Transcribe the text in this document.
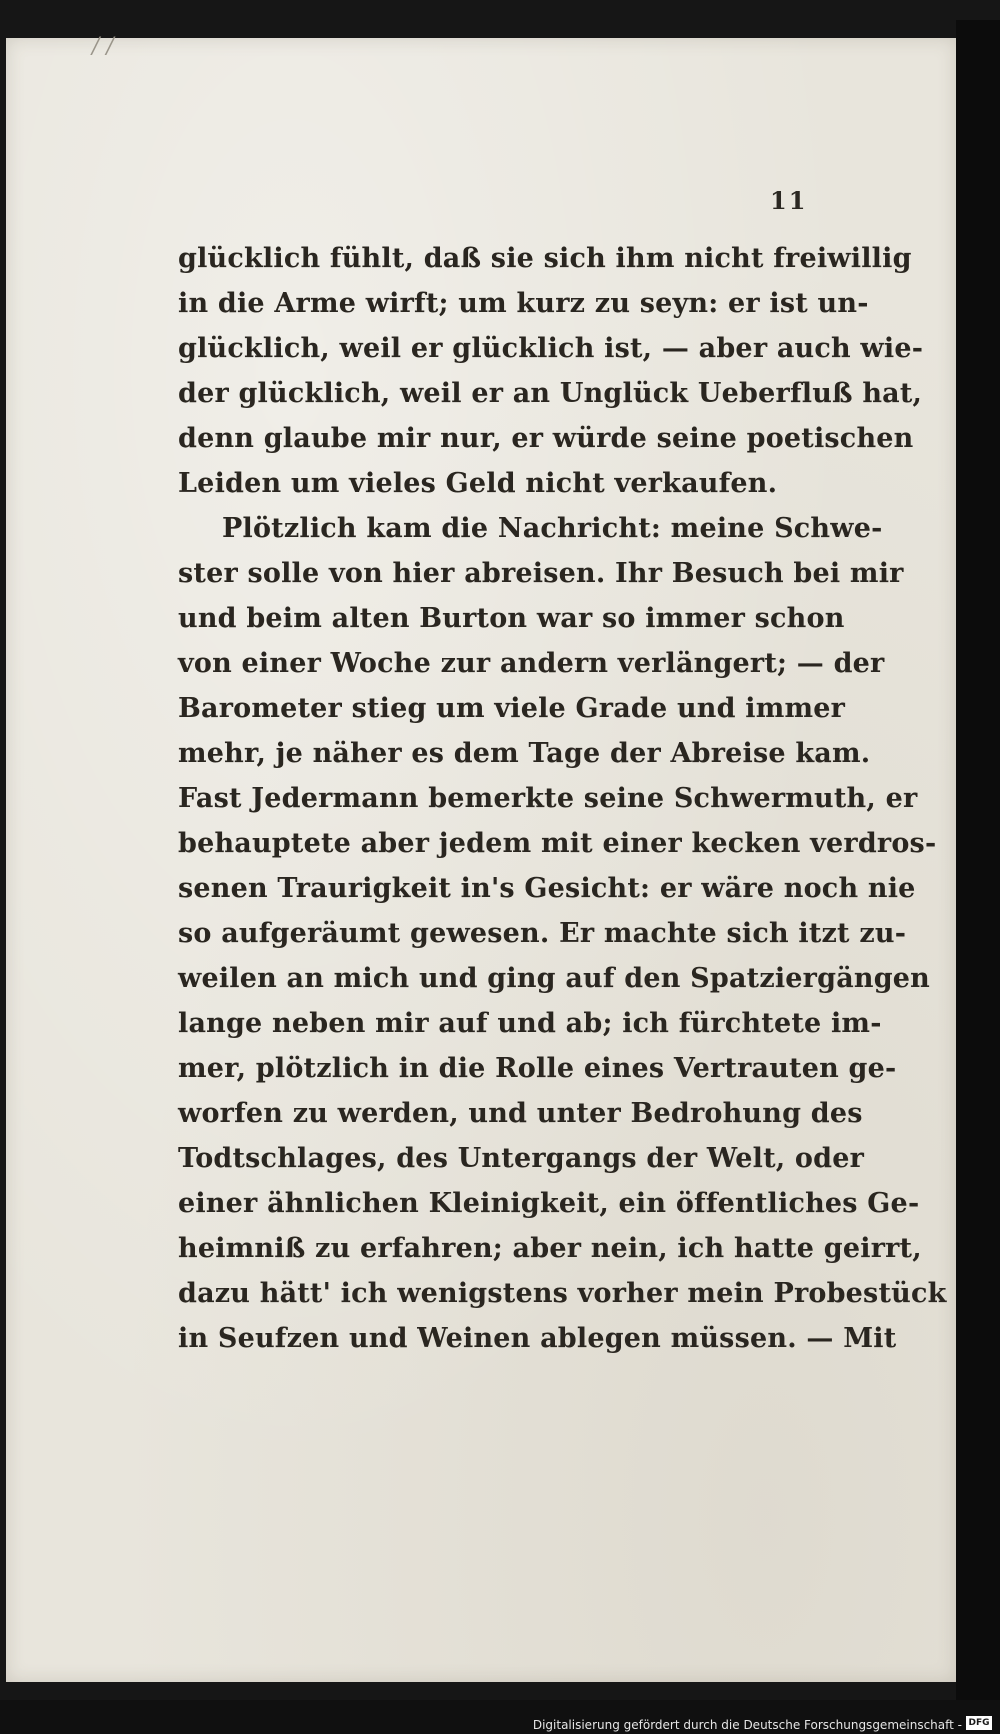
/ /
11
glücklich fühlt, daß sie sich ihm nicht freiwillig
in die Arme wirft; um kurz zu seyn: er ist un-
glücklich, weil er glücklich ist, — aber auch wie-
der glücklich, weil er an Unglück Ueberfluß hat,
denn glaube mir nur, er würde seine poetischen
Leiden um vieles Geld nicht verkaufen.
Plötzlich kam die Nachricht: meine Schwe-
ster solle von hier abreisen. Ihr Besuch bei mir
und beim alten Burton war so immer schon
von einer Woche zur andern verlängert; — der
Barometer stieg um viele Grade und immer
mehr, je näher es dem Tage der Abreise kam.
Fast Jedermann bemerkte seine Schwermuth, er
behauptete aber jedem mit einer kecken verdros-
senen Traurigkeit in's Gesicht: er wäre noch nie
so aufgeräumt gewesen. Er machte sich itzt zu-
weilen an mich und ging auf den Spatziergängen
lange neben mir auf und ab; ich fürchtete im-
mer, plötzlich in die Rolle eines Vertrauten ge-
worfen zu werden, und unter Bedrohung des
Todtschlages, des Untergangs der Welt, oder
einer ähnlichen Kleinigkeit, ein öffentliches Ge-
heimniß zu erfahren; aber nein, ich hatte geirrt,
dazu hätt' ich wenigstens vorher mein Probestück
in Seufzen und Weinen ablegen müssen. — Mit
Digitalisierung gefördert durch die Deutsche Forschungsgemeinschaft - DFG
